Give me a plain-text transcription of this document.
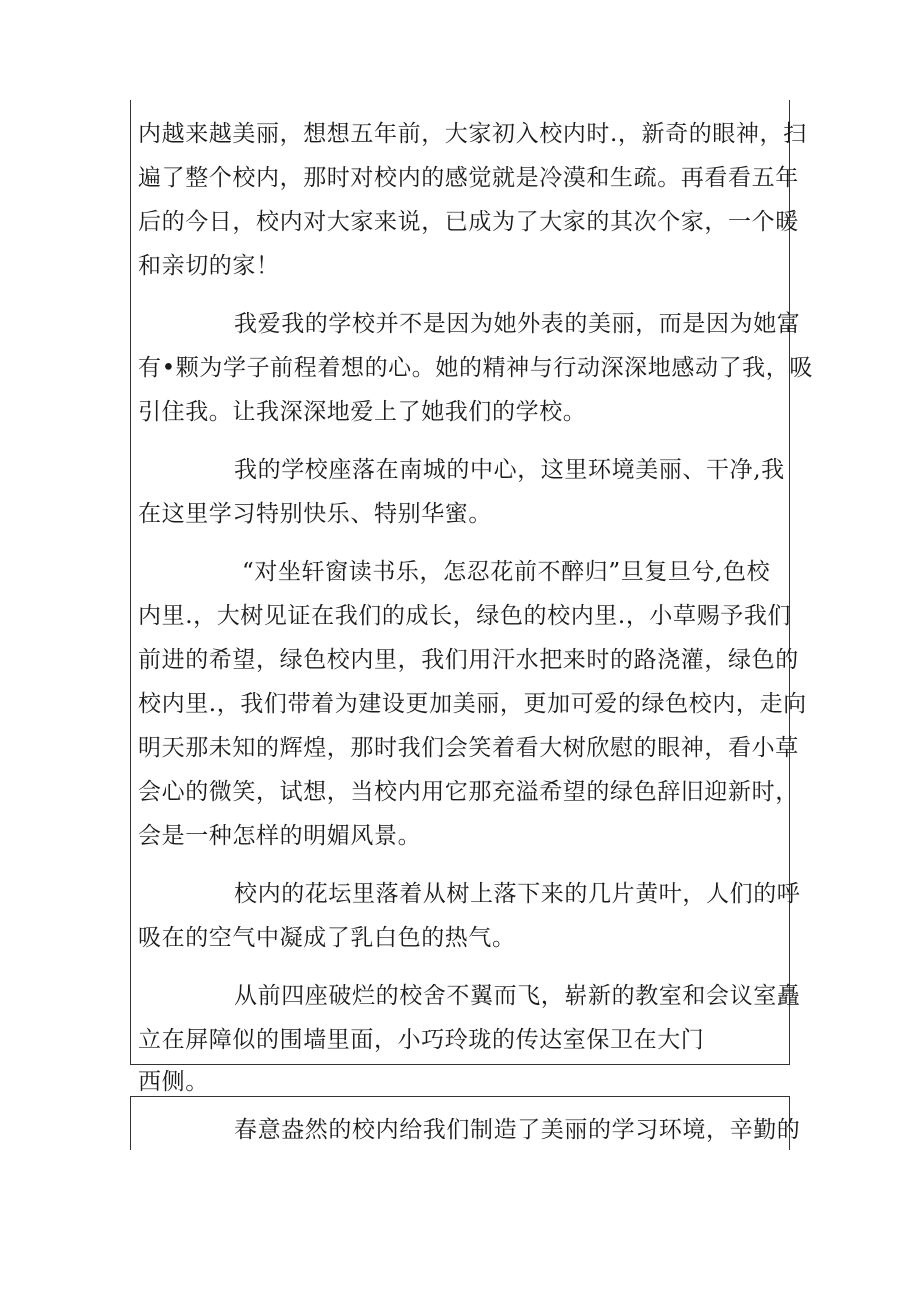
内越来越美丽，想想五年前，大家初入校内时.，新奇的眼神，扫
遍了整个校内，那时对校内的感觉就是冷漠和生疏。再看看五年
后的今日，校内对大家来说，已成为了大家的其次个家，一个暖
和亲切的家！
我爱我的学校并不是因为她外表的美丽，而是因为她富
有•颗为学子前程着想的心。她的精神与行动深深地感动了我，吸
引住我。让我深深地爱上了她我们的学校。
我的学校座落在南城的中心，这里环境美丽、干净,我
在这里学习特别快乐、特别华蜜。
“对坐轩窗读书乐，怎忍花前不醉归”旦复旦兮,色校
内里.，大树见证在我们的成长，绿色的校内里.，小草赐予我们
前进的希望，绿色校内里，我们用汗水把来时的路浇灌，绿色的
校内里.，我们带着为建设更加美丽，更加可爱的绿色校内，走向
明天那未知的辉煌，那时我们会笑着看大树欣慰的眼神，看小草
会心的微笑，试想，当校内用它那充溢希望的绿色辞旧迎新时，
会是一种怎样的明媚风景。
校内的花坛里落着从树上落下来的几片黄叶，人们的呼
吸在的空气中凝成了乳白色的热气。
从前四座破烂的校舍不翼而飞，崭新的教室和会议室矗
立在屏障似的围墙里面，小巧玲珑的传达室保卫在大门
西侧。
春意盎然的校内给我们制造了美丽的学习环境，辛勤的
